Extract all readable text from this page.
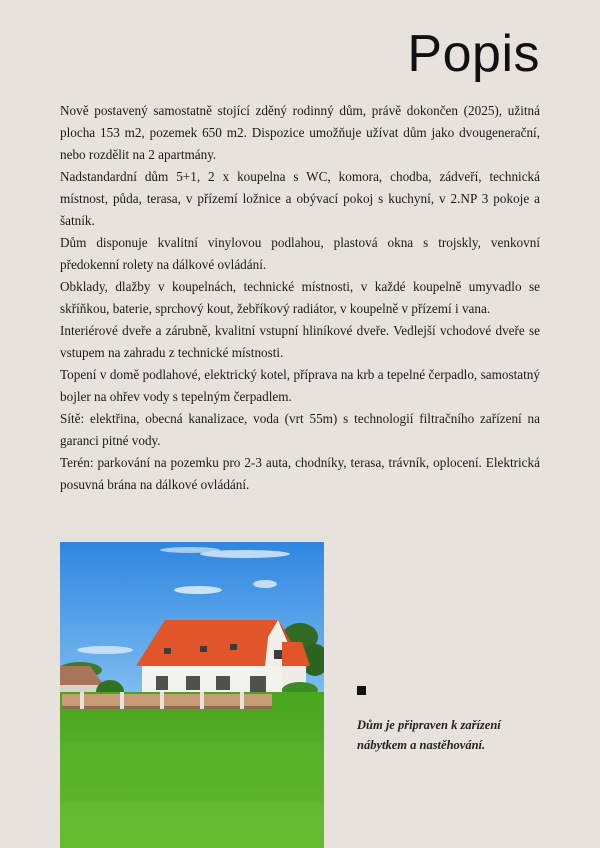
Popis

Nově postavený samostatně stojící zděný rodinný dům, právě dokončen (2025), užitná plocha 153 m2, pozemek 650 m2. Dispozice umožňuje užívat dům jako dvougenerační, nebo rozdělit na 2 apartmány.

Nadstandardní dům 5+1, 2 x koupelna s WC, komora, chodba, zádveří, technická místnost, půda, terasa, v přízemí ložnice a obývací pokoj s kuchyní, v 2.NP 3 pokoje a šatník.

Dům disponuje kvalitní vinylovou podlahou, plastová okna s trojskly, venkovní předokenní rolety na dálkové ovládání.

Obklady, dlažby v koupelnách, technické místnosti, v každé koupelně umyvadlo se skříňkou, baterie, sprchový kout, žebříkový radiátor, v koupelně v přízemí i vana.

Interiérové dveře a zárubně, kvalitní vstupní hliníkové dveře. Vedlejší vchodové dveře se vstupem na zahradu z technické místnosti.

Topení v domě podlahové, elektrický kotel, příprava na krb a tepelné čerpadlo, samostatný bojler na ohřev vody s tepelným čerpadlem.

Sítě: elektřina, obecná kanalizace, voda (vrt 55m) s technologií filtračního zařízení na garanci pitné vody.

Terén: parkování na pozemku pro 2-3 auta, chodníky, terasa, trávník, oplocení. Elektrická posuvná brána na dálkové ovládání.

Dům je připraven k zařízení nábytkem a nastěhování.
